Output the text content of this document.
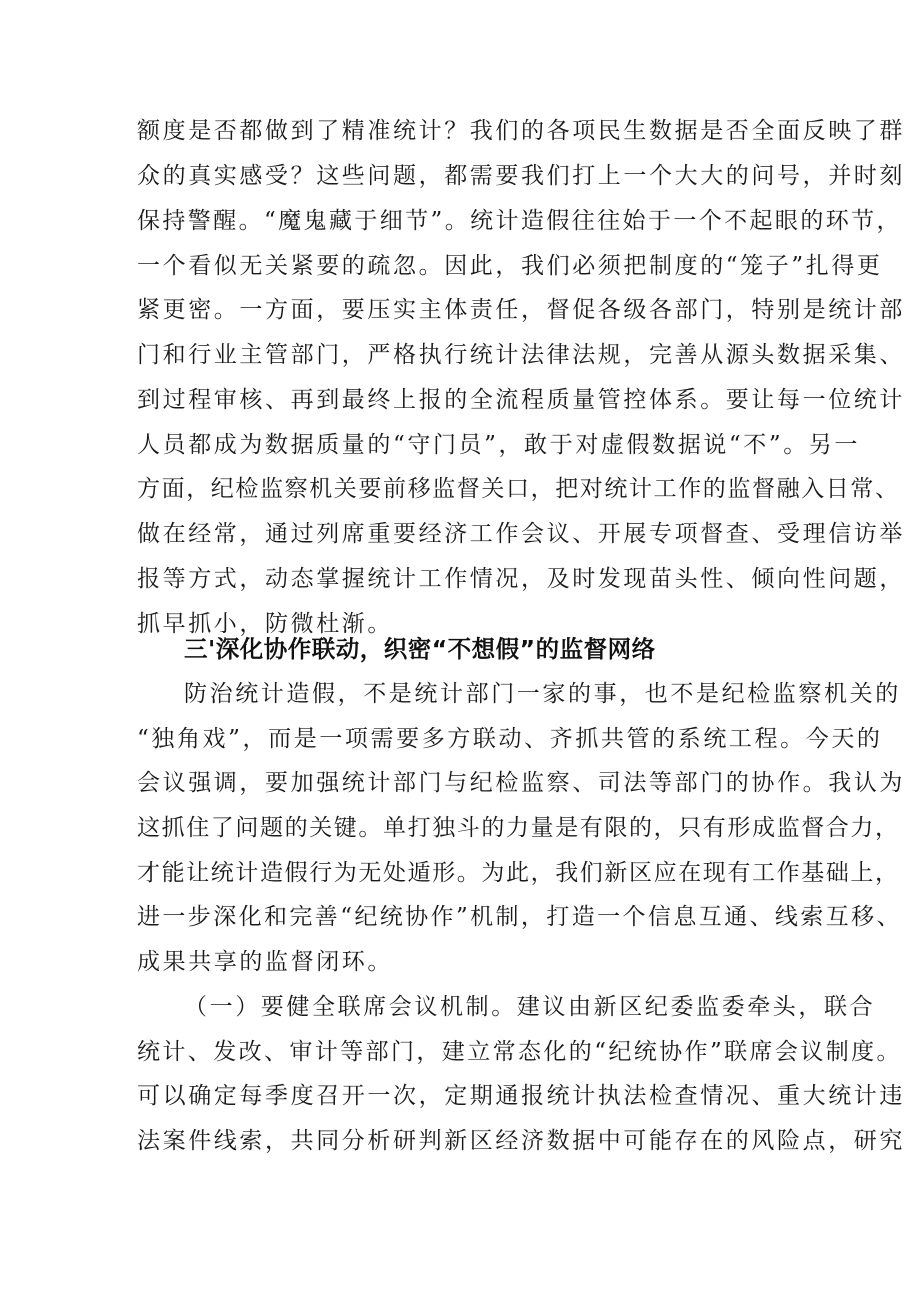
额度是否都做到了精准统计？我们的各项民生数据是否全面反映了群
众的真实感受？这些问题，都需要我们打上一个大大的问号，并时刻
保持警醒。“魔鬼藏于细节”。统计造假往往始于一个不起眼的环节，
一个看似无关紧要的疏忽。因此，我们必须把制度的“笼子”扎得更
紧更密。一方面，要压实主体责任，督促各级各部门，特别是统计部
门和行业主管部门，严格执行统计法律法规，完善从源头数据采集、
到过程审核、再到最终上报的全流程质量管控体系。要让每一位统计
人员都成为数据质量的“守门员”，敢于对虚假数据说“不”。另一
方面，纪检监察机关要前移监督关口，把对统计工作的监督融入日常、
做在经常，通过列席重要经济工作会议、开展专项督查、受理信访举
报等方式，动态掌握统计工作情况，及时发现苗头性、倾向性问题，
抓早抓小，防微杜渐。
三'深化协作联动，织密“不想假”的监督网络
防治统计造假，不是统计部门一家的事，也不是纪检监察机关的
“独角戏”，而是一项需要多方联动、齐抓共管的系统工程。今天的
会议强调，要加强统计部门与纪检监察、司法等部门的协作。我认为
这抓住了问题的关键。单打独斗的力量是有限的，只有形成监督合力，
才能让统计造假行为无处遁形。为此，我们新区应在现有工作基础上，
进一步深化和完善“纪统协作”机制，打造一个信息互通、线索互移、
成果共享的监督闭环。
（一）要健全联席会议机制。建议由新区纪委监委牵头，联合
统计、发改、审计等部门，建立常态化的“纪统协作”联席会议制度。
可以确定每季度召开一次，定期通报统计执法检查情况、重大统计违
法案件线索，共同分析研判新区经济数据中可能存在的风险点，研究
